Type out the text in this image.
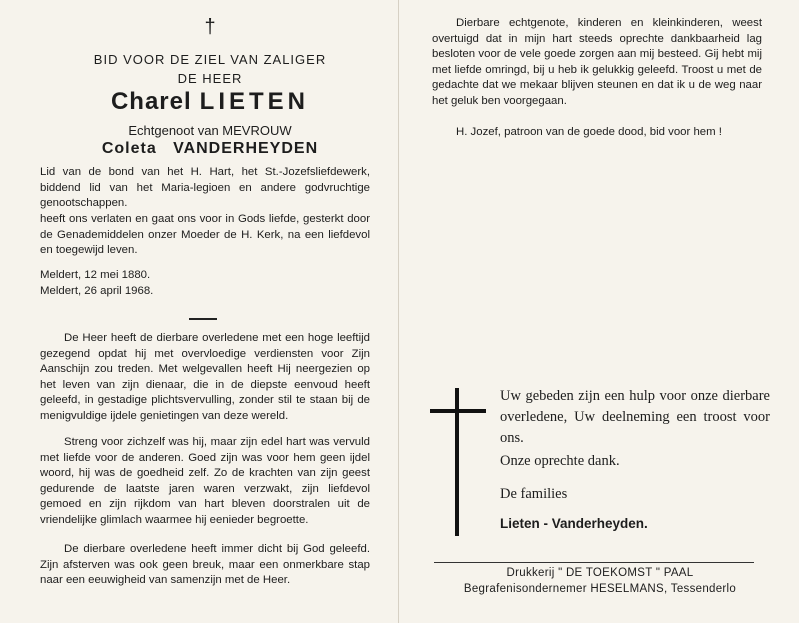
†
BID VOOR DE ZIEL VAN ZALIGER
DE HEER
Charel LIETEN
Echtgenoot van MEVROUW
Coleta   VANDERHEYDEN
Lid van de bond van het H. Hart, het St.-Jozefsliefdewerk, biddend lid van het Maria-legioen en andere godvruchtige genootschappen.
heeft ons verlaten en gaat ons voor in Gods liefde, gesterkt door de Genademiddelen onzer Moeder de H. Kerk, na een liefdevol en toegewijd leven.
Meldert, 12 mei 1880.
Meldert, 26 april 1968.
De Heer heeft de dierbare overledene met een hoge leeftijd gezegend opdat hij met overvloedige verdiensten voor Zijn Aanschijn zou treden. Met welgevallen heeft Hij neergezien op het leven van zijn dienaar, die in de diepste eenvoud heeft geleefd, in gestadige plichtsvervulling, zonder stil te staan bij de menigvuldige ijdele genietingen van deze wereld.
Streng voor zichzelf was hij, maar zijn edel hart was vervuld met liefde voor de anderen. Goed zijn was voor hem geen ijdel woord, hij was de goedheid zelf. Zo de krachten van zijn geest gedurende de laatste jaren waren verzwakt, zijn liefdevol gemoed en zijn rijkdom van hart bleven doorstralen uit de vriendelijke glimlach waarmee hij eenieder begroette.
De dierbare overledene heeft immer dicht bij God geleefd. Zijn afsterven was ook geen breuk, maar een onmerkbare stap naar een eeuwigheid van samenzijn met de Heer.
Dierbare echtgenote, kinderen en kleinkinderen, weest overtuigd dat in mijn hart steeds oprechte dankbaarheid lag besloten voor de vele goede zorgen aan mij besteed. Gij hebt mij met liefde omringd, bij u heb ik gelukkig geleefd. Troost u met de gedachte dat we mekaar blijven steunen en dat ik u de weg naar het geluk ben voorgegaan.
H. Jozef, patroon van de goede dood, bid voor hem !
Uw gebeden zijn een hulp voor onze dierbare overledene, Uw deelneming een troost voor ons.
Onze oprechte dank.
De families
Lieten - Vanderheyden.
Drukkerij " DE TOEKOMST " PAAL
Begrafenisondernemer HESELMANS, Tessenderlo
